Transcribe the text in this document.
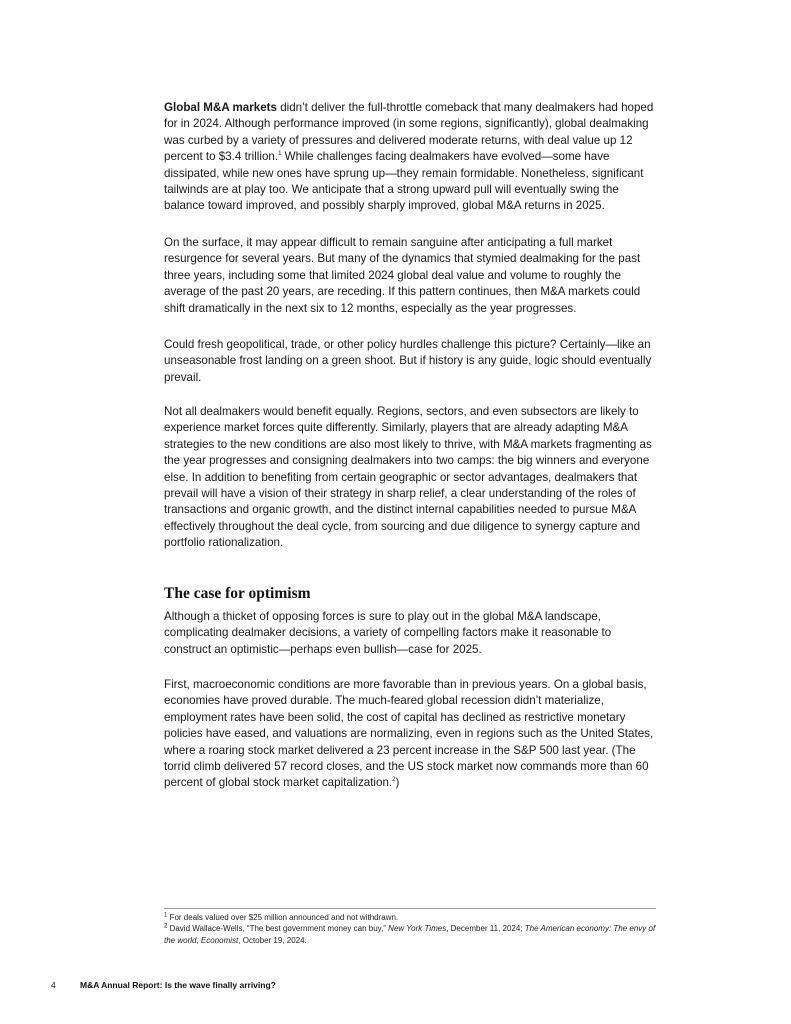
Global M&A markets didn’t deliver the full-throttle comeback that many dealmakers had hoped for in 2024. Although performance improved (in some regions, significantly), global dealmaking was curbed by a variety of pressures and delivered moderate returns, with deal value up 12 percent to $3.4 trillion.$^1$ While challenges facing dealmakers have evolved—some have dissipated, while new ones have sprung up—they remain formidable. Nonetheless, significant tailwinds are at play too. We anticipate that a strong upward pull will eventually swing the balance toward improved, and possibly sharply improved, global M&A returns in 2025.

On the surface, it may appear difficult to remain sanguine after anticipating a full market resurgence for several years. But many of the dynamics that stymied dealmaking for the past three years, including some that limited 2024 global deal value and volume to roughly the average of the past 20 years, are receding. If this pattern continues, then M&A markets could shift dramatically in the next six to 12 months, especially as the year progresses.

Could fresh geopolitical, trade, or other policy hurdles challenge this picture? Certainly—like an unseasonable frost landing on a green shoot. But if history is any guide, logic should eventually prevail.

Not all dealmakers would benefit equally. Regions, sectors, and even subsectors are likely to experience market forces quite differently. Similarly, players that are already adapting M&A strategies to the new conditions are also most likely to thrive, with M&A markets fragmenting as the year progresses and consigning dealmakers into two camps: the big winners and everyone else. In addition to benefiting from certain geographic or sector advantages, dealmakers that prevail will have a vision of their strategy in sharp relief, a clear understanding of the roles of transactions and organic growth, and the distinct internal capabilities needed to pursue M&A effectively throughout the deal cycle, from sourcing and due diligence to synergy capture and portfolio rationalization.

The case for optimism

Although a thicket of opposing forces is sure to play out in the global M&A landscape, complicating dealmaker decisions, a variety of compelling factors make it reasonable to construct an optimistic—perhaps even bullish—case for 2025.

First, macroeconomic conditions are more favorable than in previous years. On a global basis, economies have proved durable. The much-feared global recession didn’t materialize, employment rates have been solid, the cost of capital has declined as restrictive monetary policies have eased, and valuations are normalizing, even in regions such as the United States, where a roaring stock market delivered a 23 percent increase in the S&P 500 last year. (The torrid climb delivered 57 record closes, and the US stock market now commands more than 60 percent of global stock market capitalization.$^2$)

$^1$ For deals valued over $25 million announced and not withdrawn.

$^2$ David Wallace-Wells, “The best government money can buy,” New York Times, December 11, 2024; The American economy: The envy of the world, Economist, October 19, 2024.

4	M&A Annual Report: Is the wave finally arriving?
